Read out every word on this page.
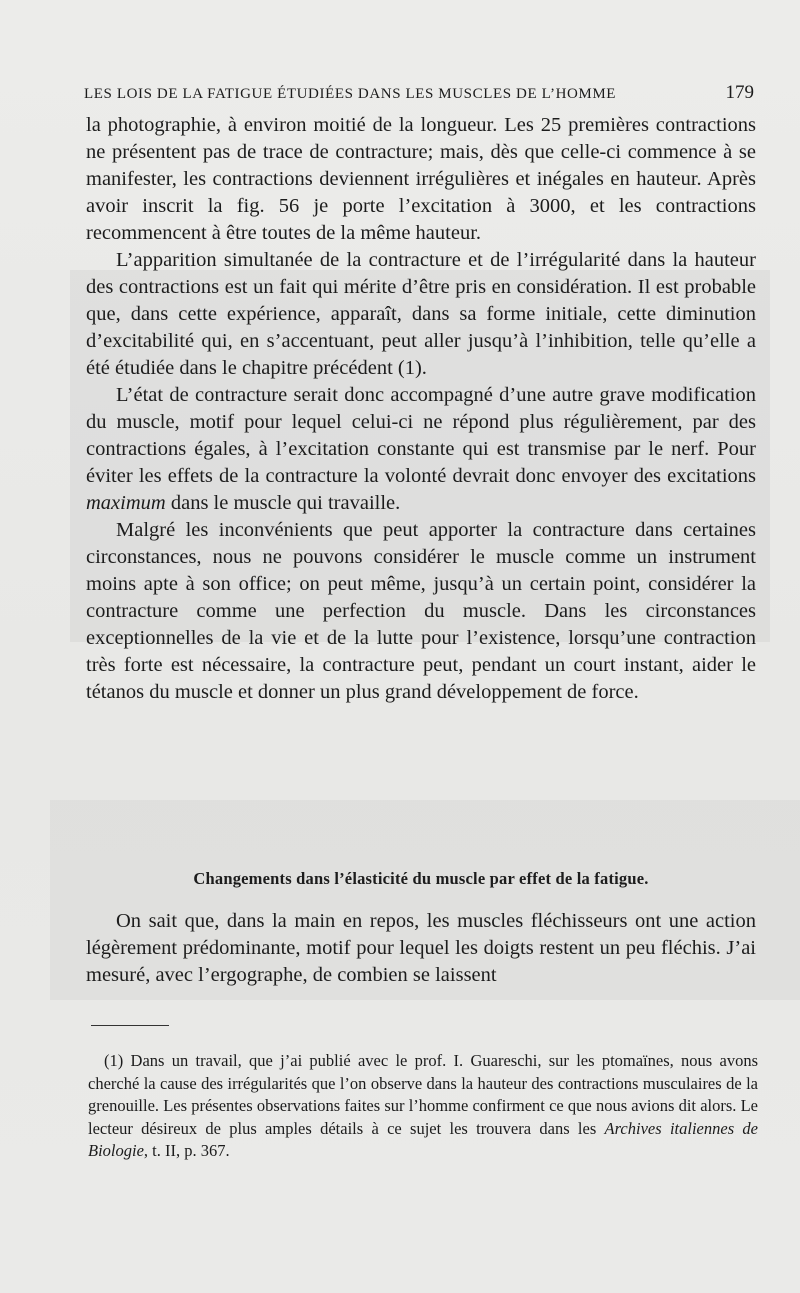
LES LOIS DE LA FATIGUE ÉTUDIÉES DANS LES MUSCLES DE L’HOMME	179

la photographie, à environ moitié de la longueur. Les 25 premières contractions ne présentent pas de trace de contracture; mais, dès que celle-ci commence à se manifester, les contractions deviennent irrégulières et inégales en hauteur. Après avoir inscrit la fig. 56 je porte l’excitation à 3000, et les contractions recommencent à être toutes de la même hauteur.

L’apparition simultanée de la contracture et de l’irrégularité dans la hauteur des contractions est un fait qui mérite d’être pris en considération. Il est probable que, dans cette expérience, apparaît, dans sa forme initiale, cette diminution d’excitabilité qui, en s’accentuant, peut aller jusqu’à l’inhibition, telle qu’elle a été étudiée dans le chapitre précédent (1).

L’état de contracture serait donc accompagné d’une autre grave modification du muscle, motif pour lequel celui-ci ne répond plus régulièrement, par des contractions égales, à l’excitation constante qui est transmise par le nerf. Pour éviter les effets de la contracture la volonté devrait donc envoyer des excitations maximum dans le muscle qui travaille.

Malgré les inconvénients que peut apporter la contracture dans certaines circonstances, nous ne pouvons considérer le muscle comme un instrument moins apte à son office; on peut même, jusqu’à un certain point, considérer la contracture comme une perfection du muscle. Dans les circonstances exceptionnelles de la vie et de la lutte pour l’existence, lorsqu’une contraction très forte est nécessaire, la contracture peut, pendant un court instant, aider le tétanos du muscle et donner un plus grand développement de force.

Changements dans l’élasticité du muscle par effet de la fatigue.

On sait que, dans la main en repos, les muscles fléchisseurs ont une action légèrement prédominante, motif pour lequel les doigts restent un peu fléchis. J’ai mesuré, avec l’ergographe, de combien se laissent

(1) Dans un travail, que j’ai publié avec le prof. I. Guareschi, sur les ptomaïnes, nous avons cherché la cause des irrégularités que l’on observe dans la hauteur des contractions musculaires de la grenouille. Les présentes observations faites sur l’homme confirment ce que nous avions dit alors. Le lecteur désireux de plus amples détails à ce sujet les trouvera dans les Archives italiennes de Biologie, t. II, p. 367.
